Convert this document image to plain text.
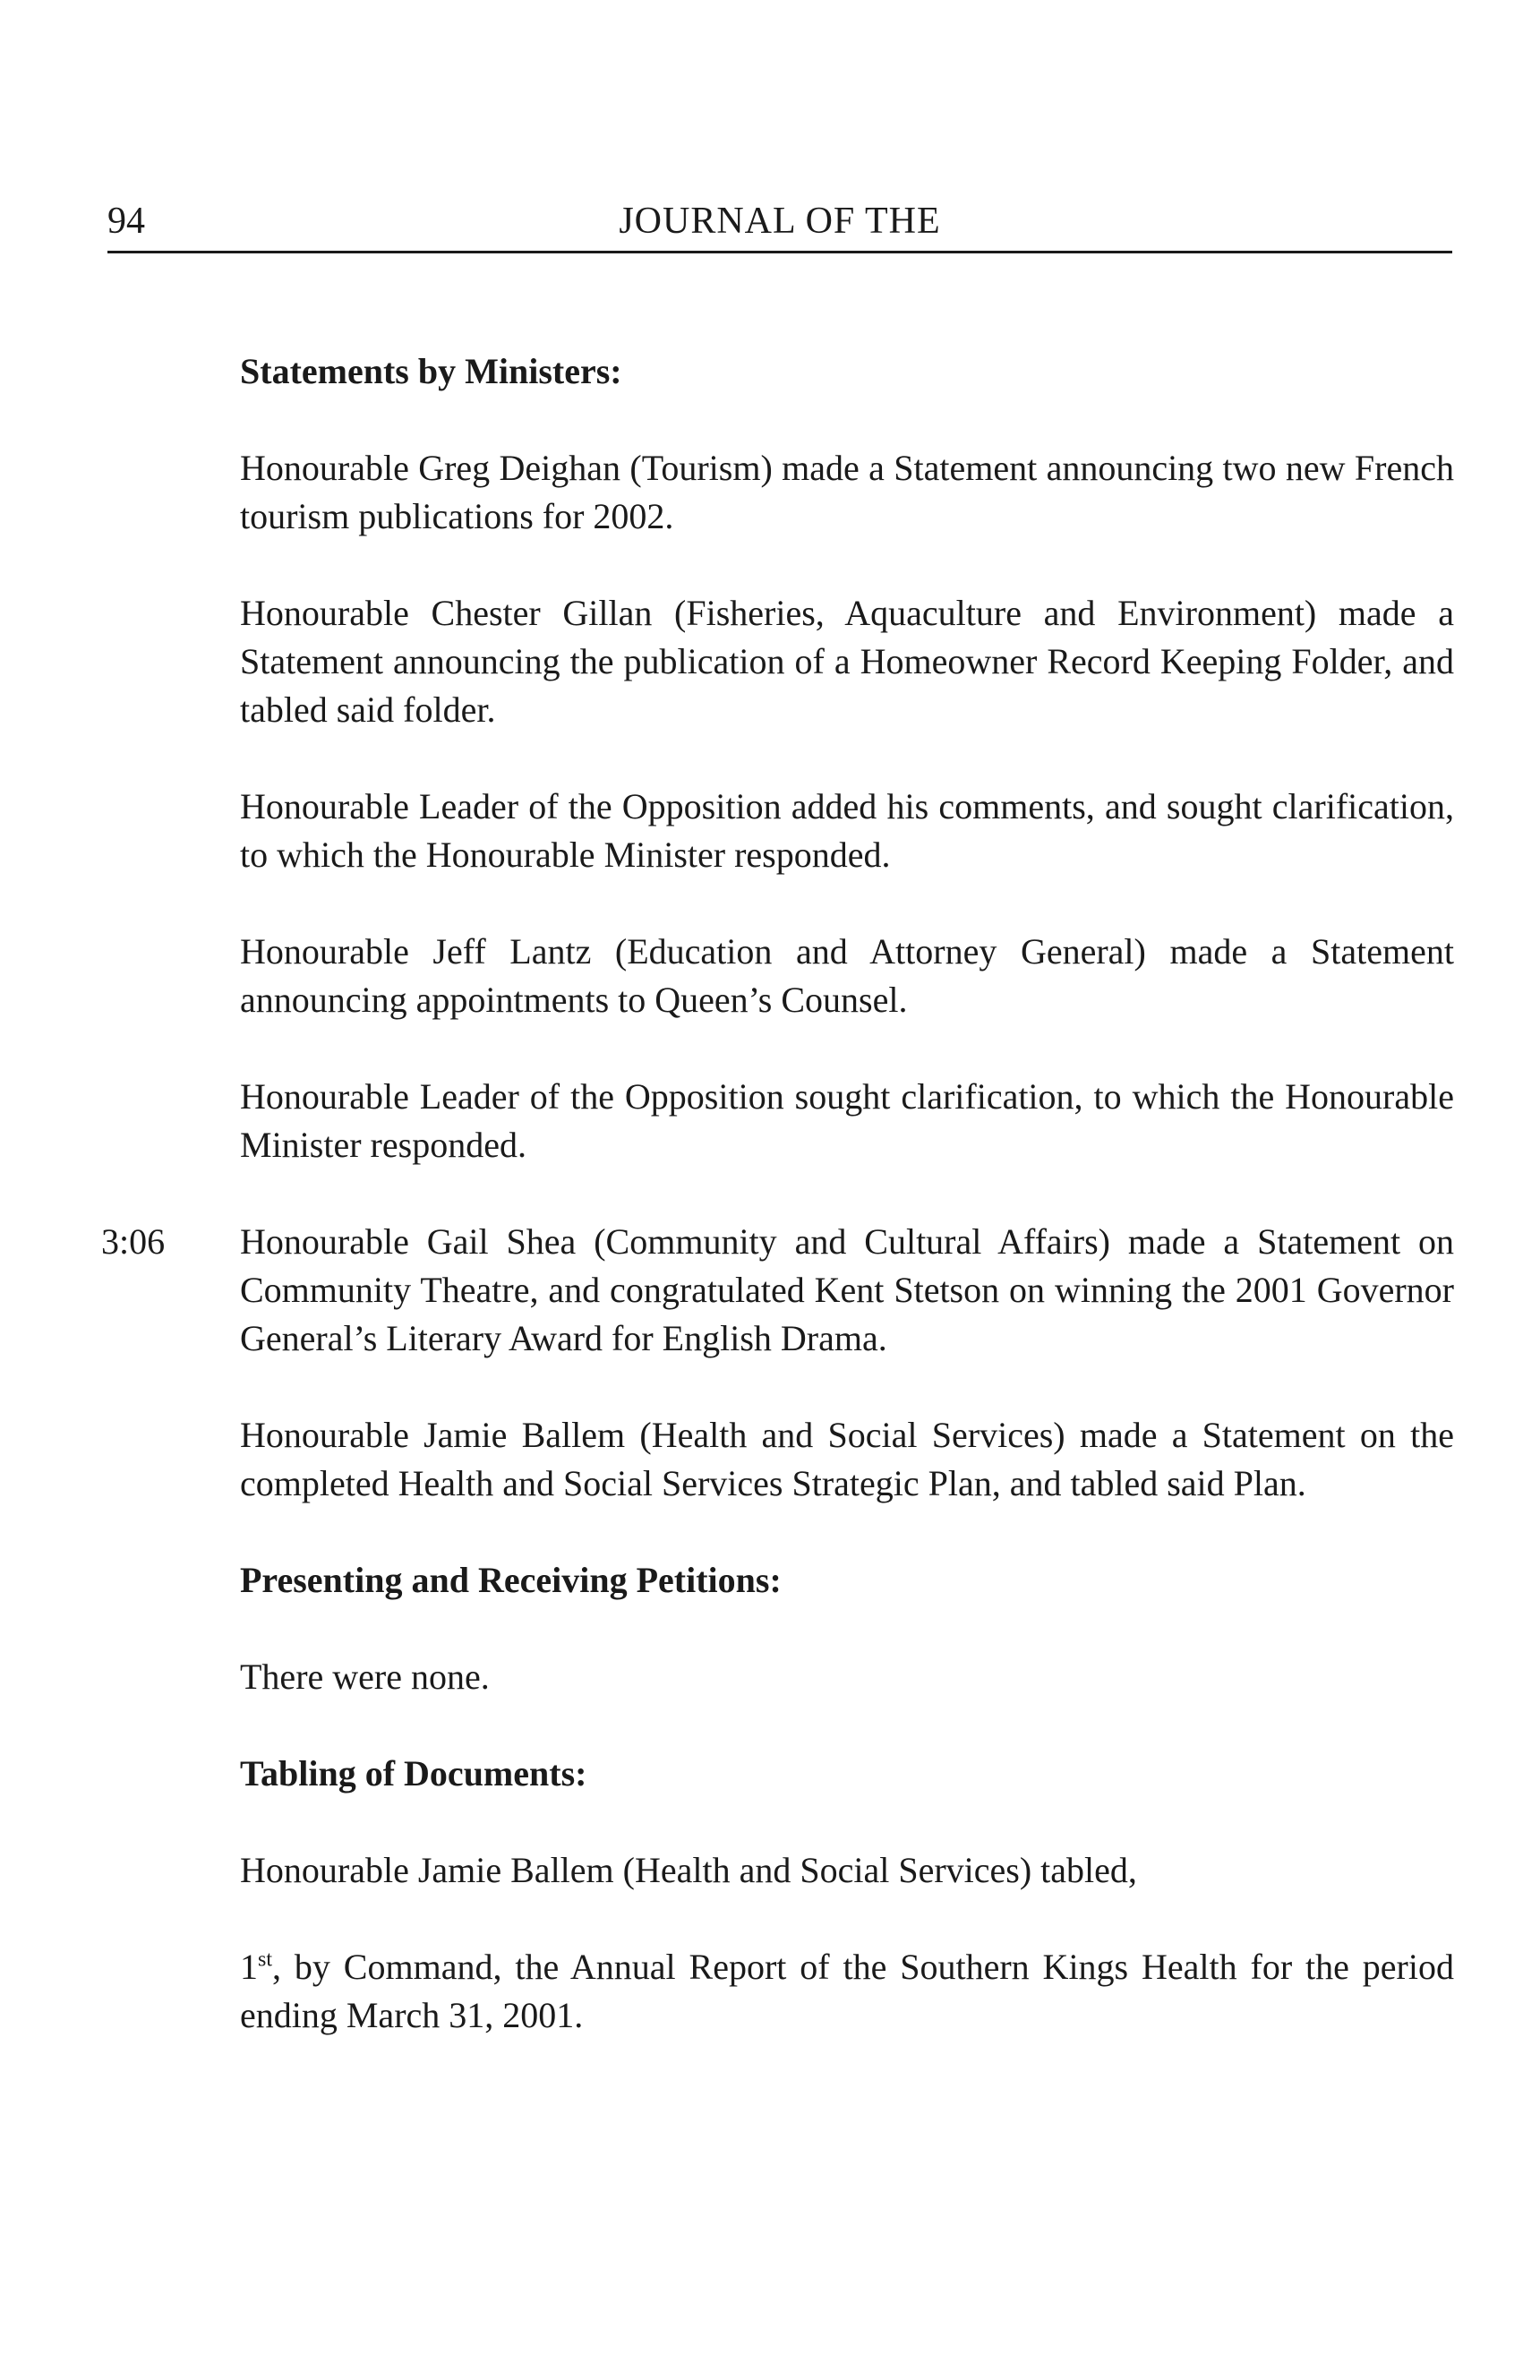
94	JOURNAL OF THE

Statements by Ministers:

Honourable Greg Deighan (Tourism) made a Statement announcing two new French tourism publications for 2002.

Honourable Chester Gillan (Fisheries, Aquaculture and Environment) made a Statement announcing the publication of a Homeowner Record Keeping Folder, and tabled said folder.

Honourable Leader of the Opposition added his comments, and sought clarification, to which the Honourable Minister responded.

Honourable Jeff Lantz (Education and Attorney General) made a Statement announcing appointments to Queen’s Counsel.

Honourable Leader of the Opposition sought clarification, to which the Honourable Minister responded.

3:06 Honourable Gail Shea (Community and Cultural Affairs) made a Statement on Community Theatre, and congratulated Kent Stetson on winning the 2001 Governor General’s Literary Award for English Drama.

Honourable Jamie Ballem (Health and Social Services) made a Statement on the completed Health and Social Services Strategic Plan, and tabled said Plan.

Presenting and Receiving Petitions:

There were none.

Tabling of Documents:

Honourable Jamie Ballem (Health and Social Services) tabled,

1st, by Command, the Annual Report of the Southern Kings Health for the period ending March 31, 2001.
